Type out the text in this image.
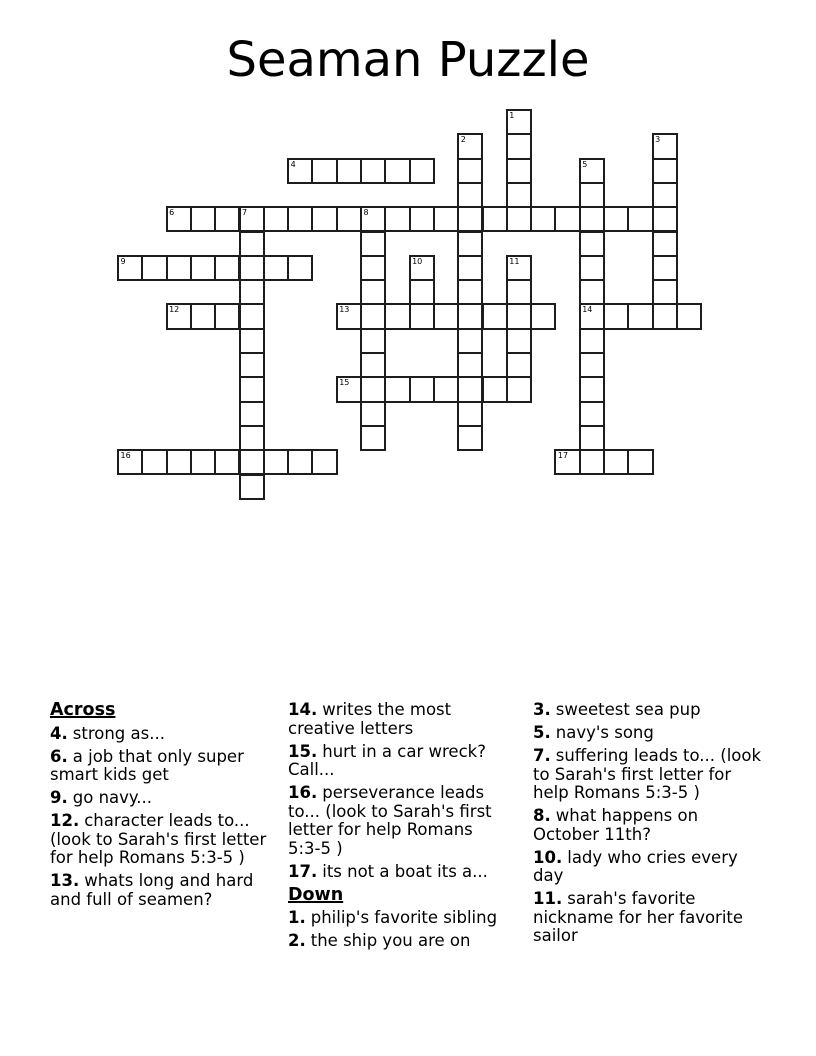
Seaman Puzzle
4
6	7	8
9
12	13	14
15
16	17
1
2	3
5
10	11
Across
4. strong as...
6. a job that only super smart kids get
9. go navy...
12. character leads to...(look to Sarah's first letter for help Romans 5:3-5 )
13. whats long and hard and full of seamen?
14. writes the most creative letters
15. hurt in a car wreck? Call...
16. perseverance leads to... (look to Sarah's first letter for help Romans 5:3-5 )
17. its not a boat its a...
Down
1. philip's favorite sibling
2. the ship you are on
3. sweetest sea pup
5. navy's song
7. suffering leads to... (look to Sarah's first letter for help Romans 5:3-5 )
8. what happens on October 11th?
10. lady who cries every day
11. sarah's favorite nickname for her favorite sailor
